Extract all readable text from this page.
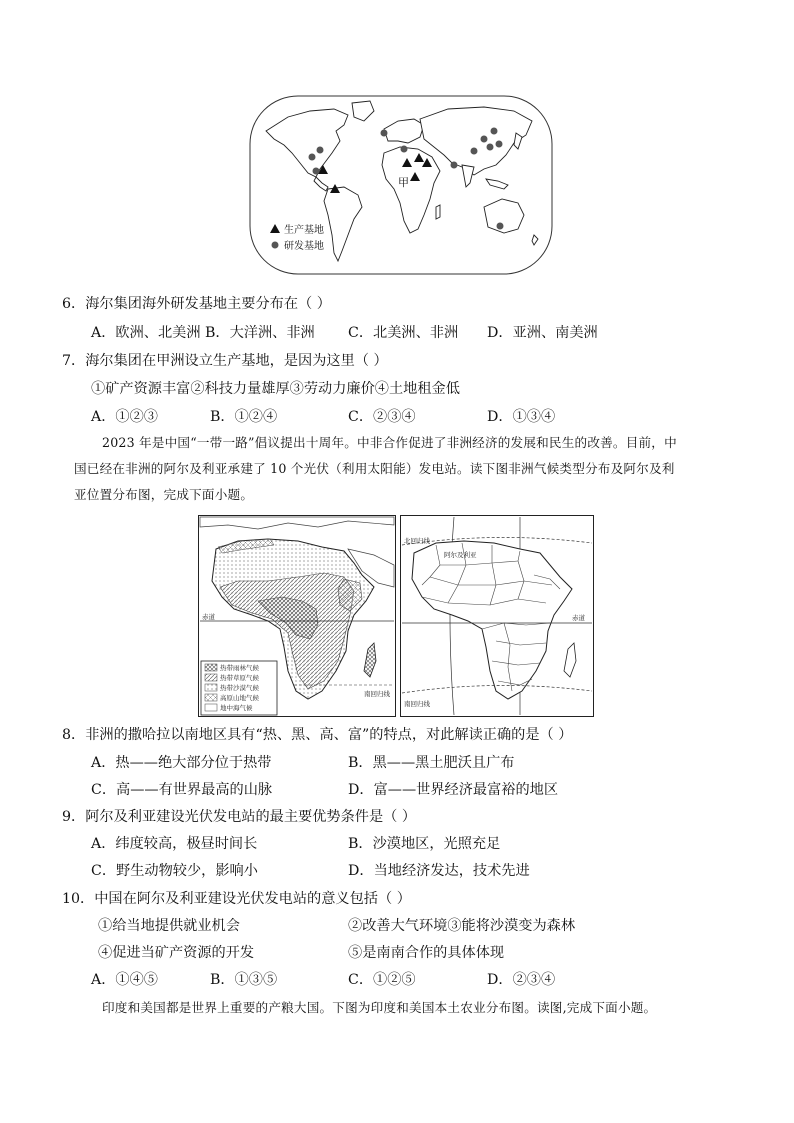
甲
生产基地
研发基地
6．海尔集团海外研发基地主要分布在（ ）
A．欧洲、北美洲 B．大洋洲、非洲 C．北美洲、非洲 D．亚洲、南美洲
7．海尔集团在甲洲设立生产基地，是因为这里（ ）
①矿产资源丰富②科技力量雄厚③劳动力廉价④土地租金低
A．①②③	B．①②④	C．②③④	D．①③④
2023 年是中国“一带一路”倡议提出十周年。中非合作促进了非洲经济的发展和民生的改善。目前，中
国已经在非洲的阿尔及利亚承建了 10 个光伏（利用太阳能）发电站。读下图非洲气候类型分布及阿尔及利
亚位置分布图，完成下面小题。
赤道
南回归线
热带雨林气候
热带草原气候
热带沙漠气候
高原山地气候
地中海气候
北回归线
阿尔及利亚
赤道
南回归线
8．非洲的撒哈拉以南地区具有“热、黑、高、富”的特点，对此解读正确的是（ ）
A．热——绝大部分位于热带	B．黑——黑土肥沃且广布
C．高——有世界最高的山脉	D．富——世界经济最富裕的地区
9．阿尔及利亚建设光伏发电站的最主要优势条件是（ ）
A．纬度较高，极昼时间长	B．沙漠地区，光照充足
C．野生动物较少，影响小	D．当地经济发达，技术先进
10．中国在阿尔及利亚建设光伏发电站的意义包括（ ）
①给当地提供就业机会	②改善大气环境③能将沙漠变为森林
④促进当矿产资源的开发	⑤是南南合作的具体体现
A．①④⑤	B．①③⑤	C．①②⑤	D．②③④
印度和美国都是世界上重要的产粮大国。下图为印度和美国本土农业分布图。读图,完成下面小题。
